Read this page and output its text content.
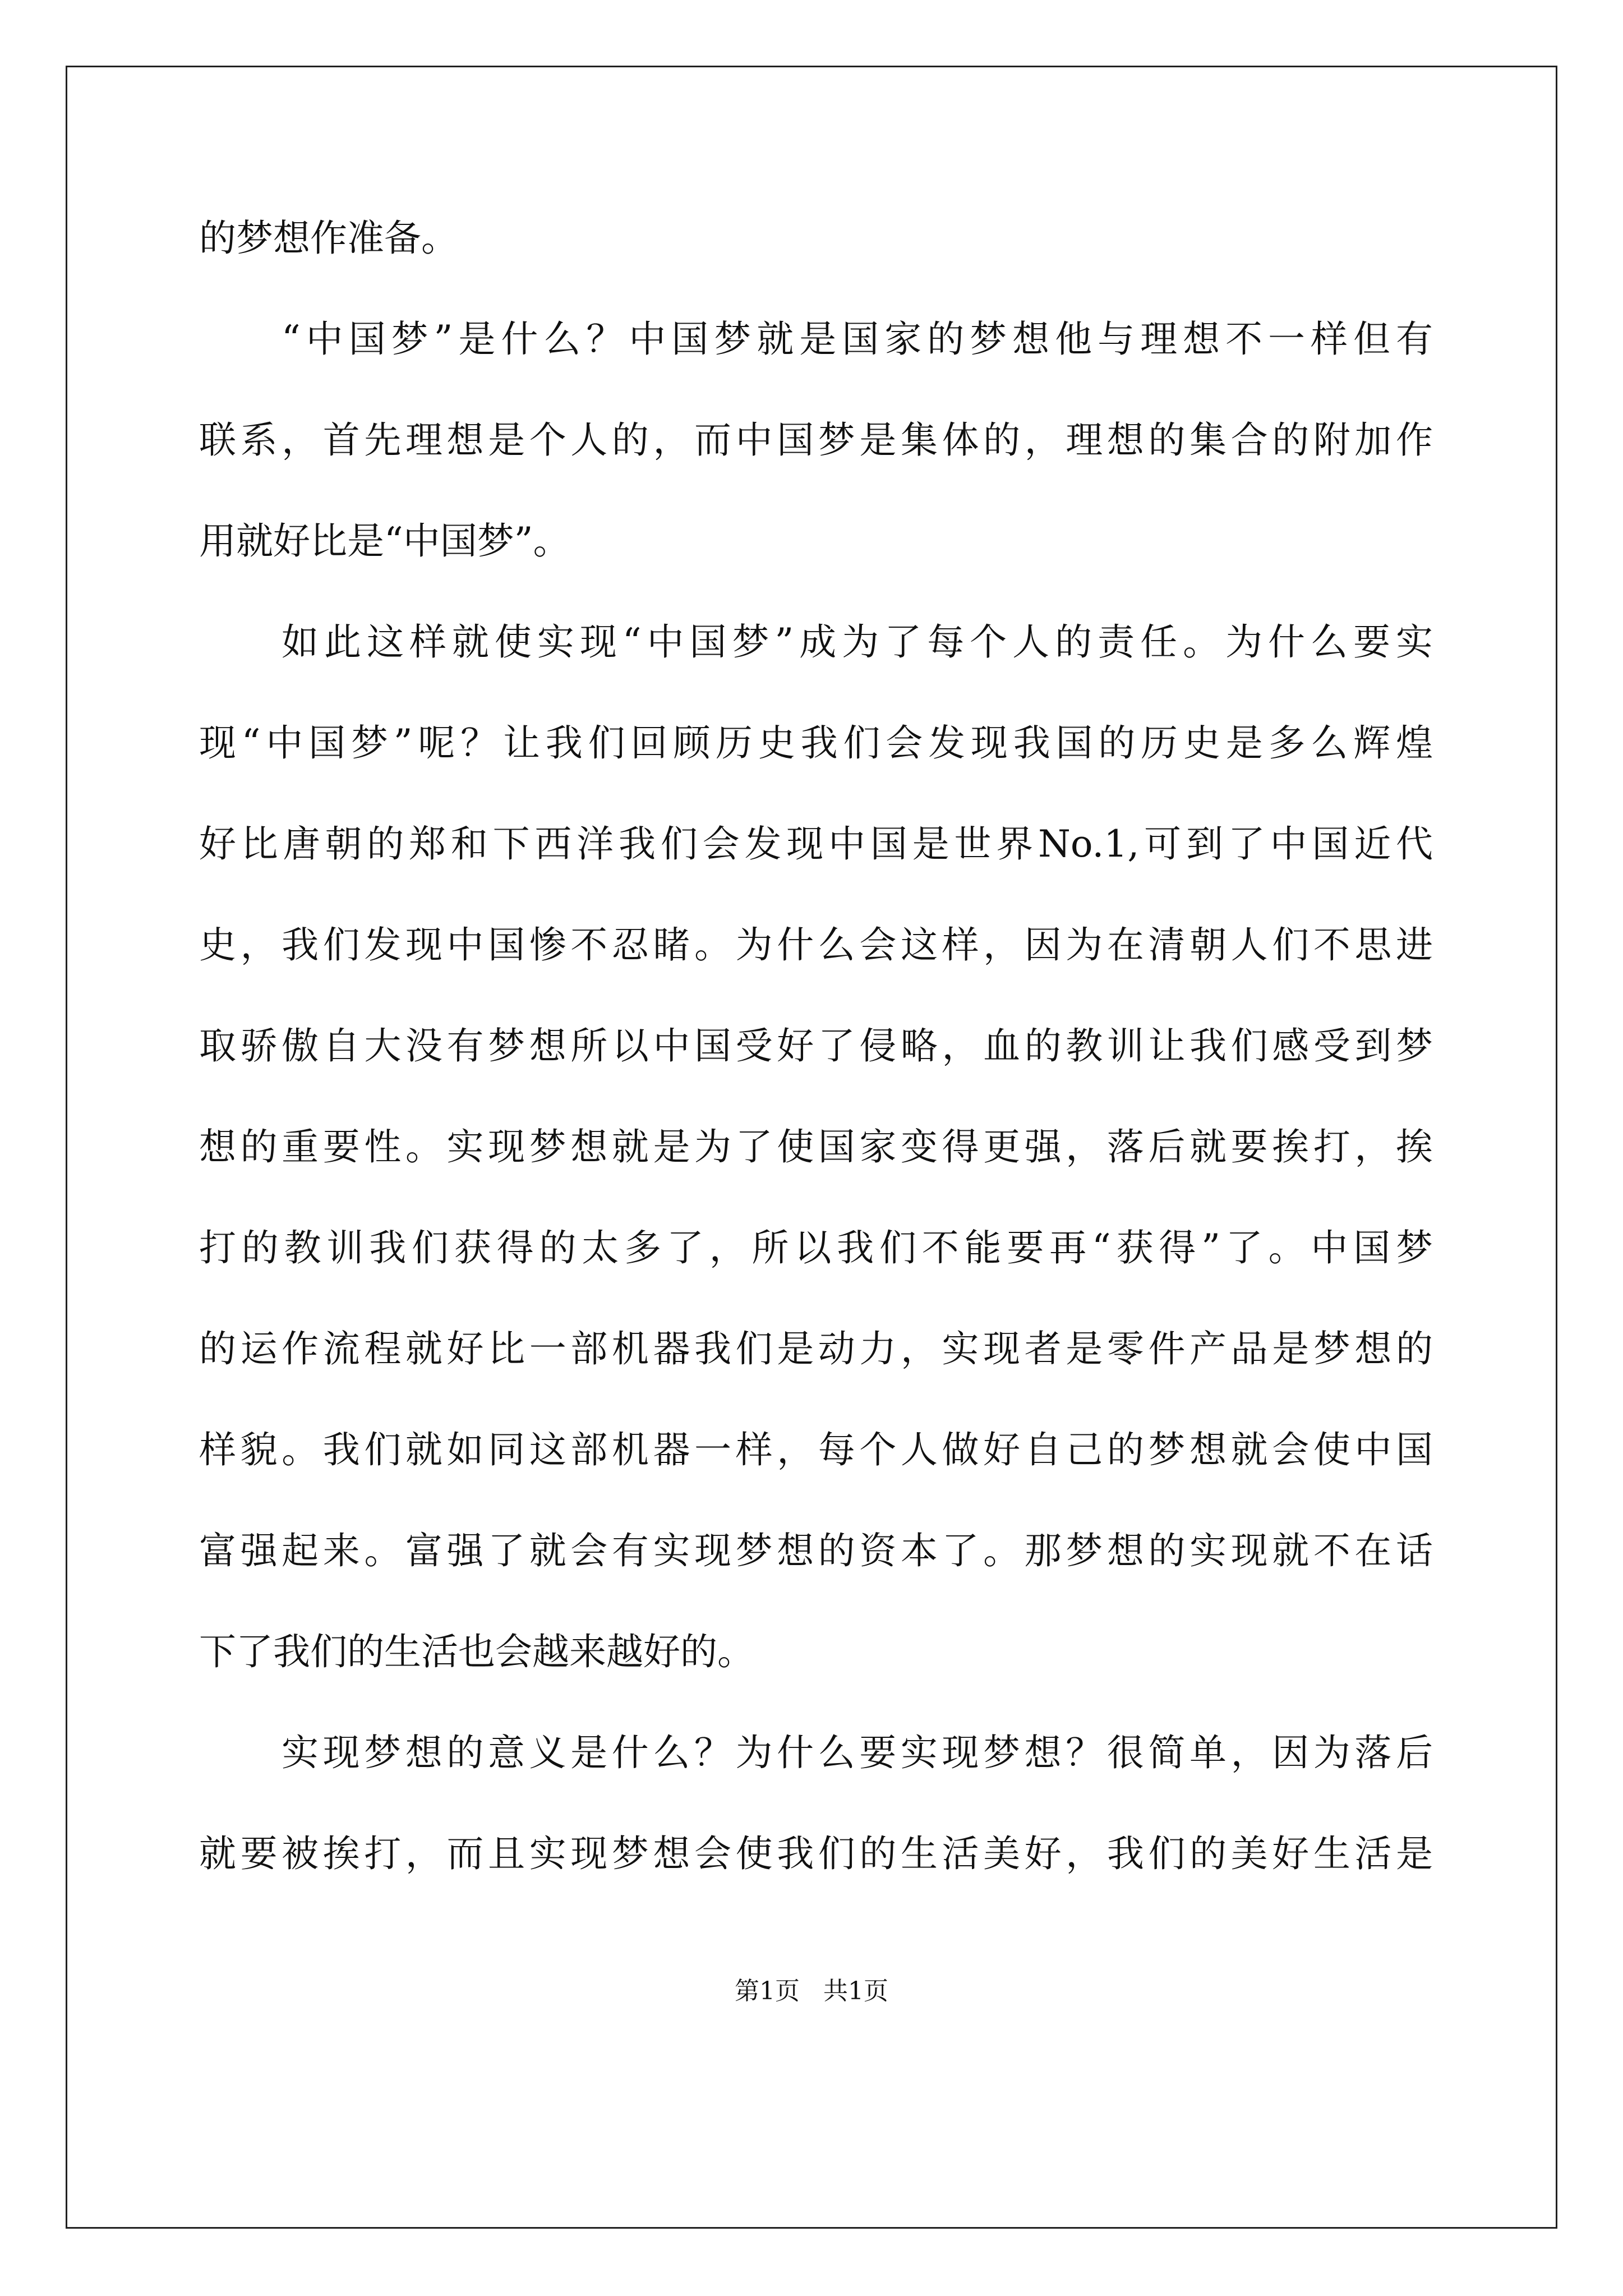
的梦想作准备。
“中国梦”是什么？中国梦就是国家的梦想他与理想不一样但有
联系，首先理想是个人的，而中国梦是集体的，理想的集合的附加作
用就好比是“中国梦”。
如此这样就使实现“中国梦”成为了每个人的责任。为什么要实
现“中国梦”呢？让我们回顾历史我们会发现我国的历史是多么辉煌
好比唐朝的郑和下西洋我们会发现中国是世界No.1,可到了中国近代
史，我们发现中国惨不忍睹。为什么会这样，因为在清朝人们不思进
取骄傲自大没有梦想所以中国受好了侵略，血的教训让我们感受到梦
想的重要性。实现梦想就是为了使国家变得更强，落后就要挨打，挨
打的教训我们获得的太多了，所以我们不能要再“获得”了。中国梦
的运作流程就好比一部机器我们是动力，实现者是零件产品是梦想的
样貌。我们就如同这部机器一样，每个人做好自己的梦想就会使中国
富强起来。富强了就会有实现梦想的资本了。那梦想的实现就不在话
下了我们的生活也会越来越好的。
实现梦想的意义是什么？为什么要实现梦想？很简单，因为落后
就要被挨打，而且实现梦想会使我们的生活美好，我们的美好生活是
第1页   共1页
